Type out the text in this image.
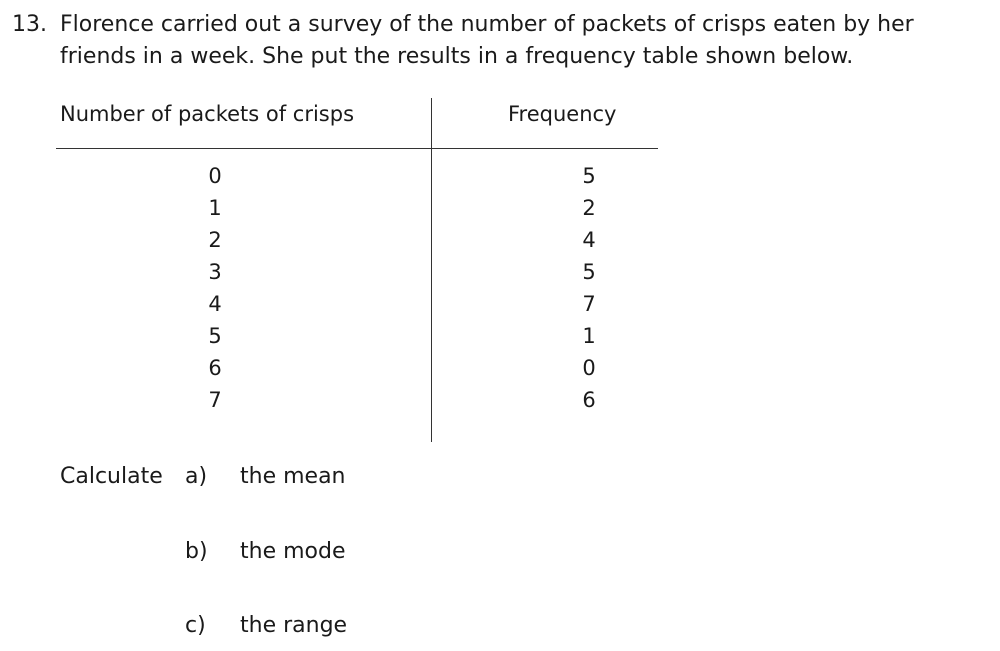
13. Florence carried out a survey of the number of packets of crisps eaten by her
friends in a week. She put the results in a frequency table shown below.
Number of packets of crisps	Frequency
0
1
2
3
4
5
6
7
5
2
4
5
7
1
0
6
Calculate a) the mean
b) the mode
c) the range
